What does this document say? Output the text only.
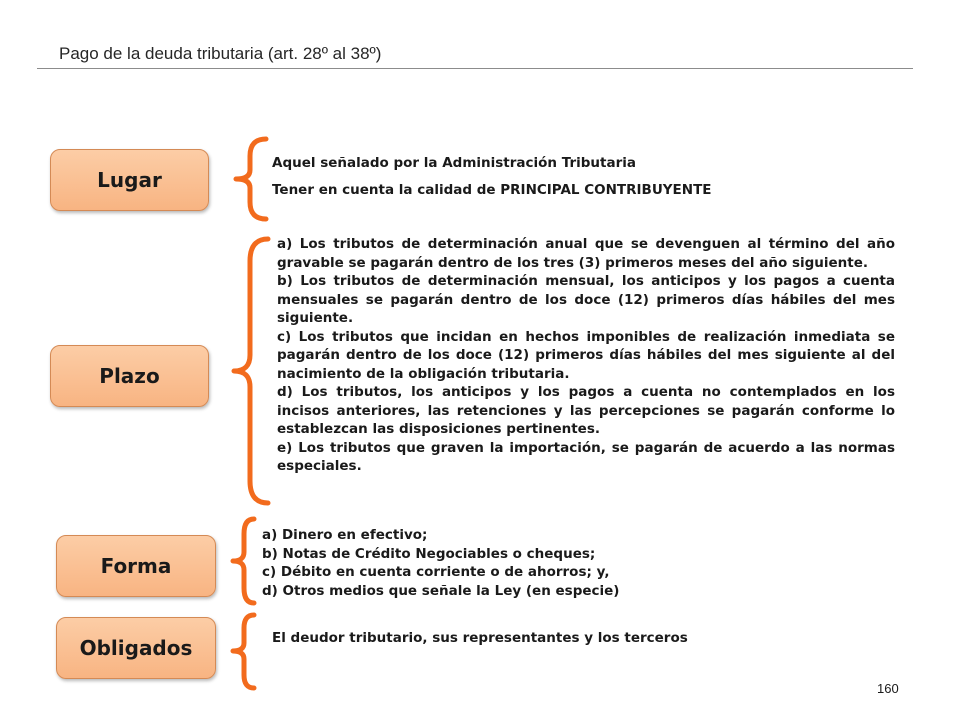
Pago de la deuda tributaria (art. 28º al 38º)
Lugar
Aquel señalado por la Administración Tributaria
Tener en cuenta la calidad de PRINCIPAL CONTRIBUYENTE
Plazo

a) Los tributos de determinación anual que se devenguen al término del año gravable se pagarán dentro de los tres (3) primeros meses del año siguiente.

b) Los tributos de determinación mensual, los anticipos y los pagos a cuenta mensuales se pagarán dentro de los doce (12) primeros días hábiles del mes siguiente.

c) Los tributos que incidan en hechos imponibles de realización inmediata se pagarán dentro de los doce (12) primeros días hábiles del mes siguiente al del nacimiento de la obligación tributaria.

d) Los tributos, los anticipos y los pagos a cuenta no contemplados en los incisos anteriores, las retenciones y las percepciones se pagarán conforme lo establezcan las disposiciones pertinentes.

e) Los tributos que graven la importación, se pagarán de acuerdo a las normas especiales.

Forma
a) Dinero en efectivo;
b) Notas de Crédito Negociables o cheques;
c) Débito en cuenta corriente o de ahorros; y,
d) Otros medios que señale la Ley (en especie)
Obligados	El deudor tributario, sus representantes y los terceros
160
